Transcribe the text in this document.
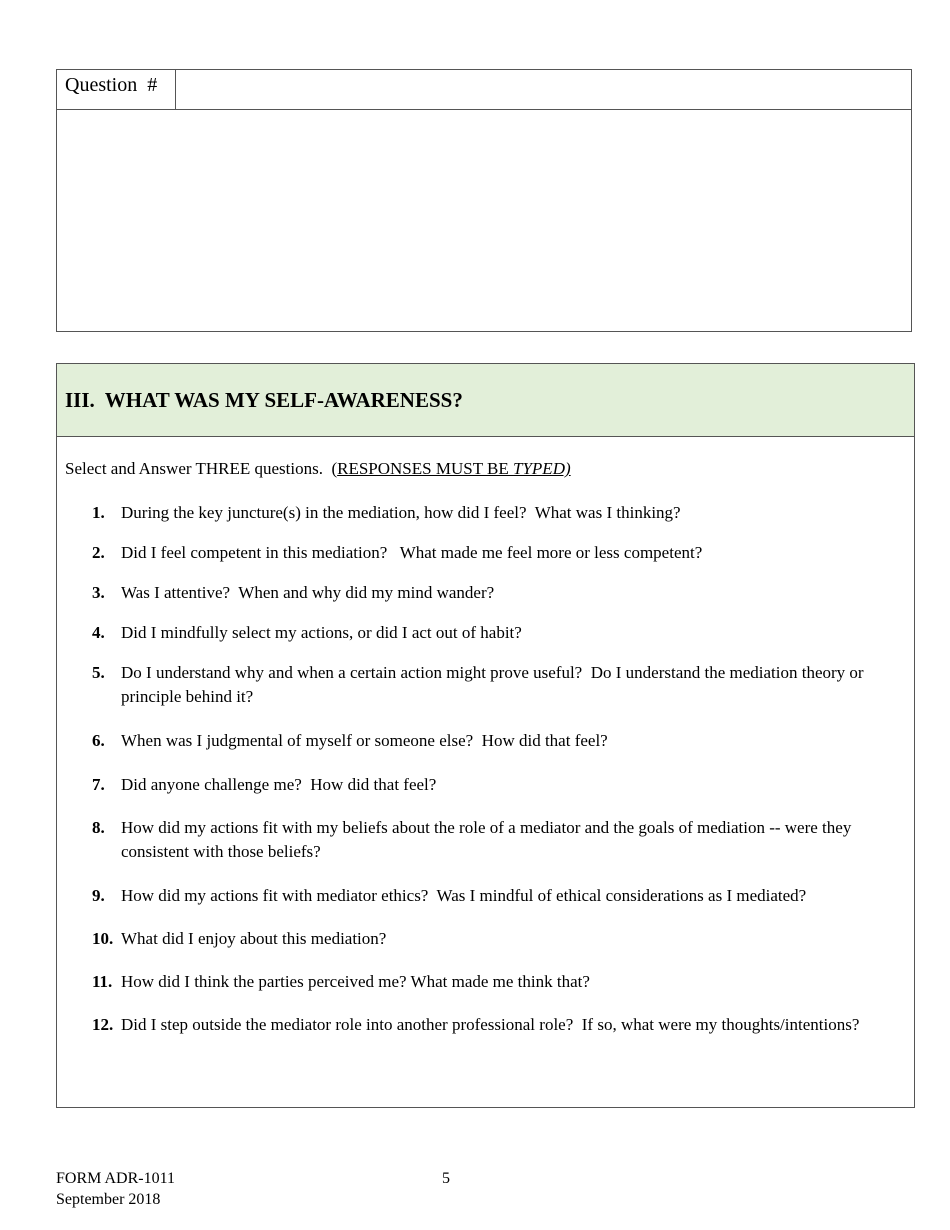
Question  #
III. WHAT WAS MY SELF-AWARENESS?
Select and Answer THREE questions.  (RESPONSES MUST BE TYPED)
1. During the key juncture(s) in the mediation, how did I feel?  What was I thinking?
2. Did I feel competent in this mediation?   What made me feel more or less competent?
3. Was I attentive?  When and why did my mind wander?
4. Did I mindfully select my actions, or did I act out of habit?
5. Do I understand why and when a certain action might prove useful?  Do I understand the mediation theory or principle behind it?
6. When was I judgmental of myself or someone else?  How did that feel?
7. Did anyone challenge me?  How did that feel?
8. How did my actions fit with my beliefs about the role of a mediator and the goals of mediation -- were they consistent with those beliefs?
9. How did my actions fit with mediator ethics?  Was I mindful of ethical considerations as I mediated?
10. What did I enjoy about this mediation?
11. How did I think the parties perceived me? What made me think that?
12. Did I step outside the mediator role into another professional role?  If so, what were my thoughts/intentions?
FORM ADR-1011
September 2018
5
